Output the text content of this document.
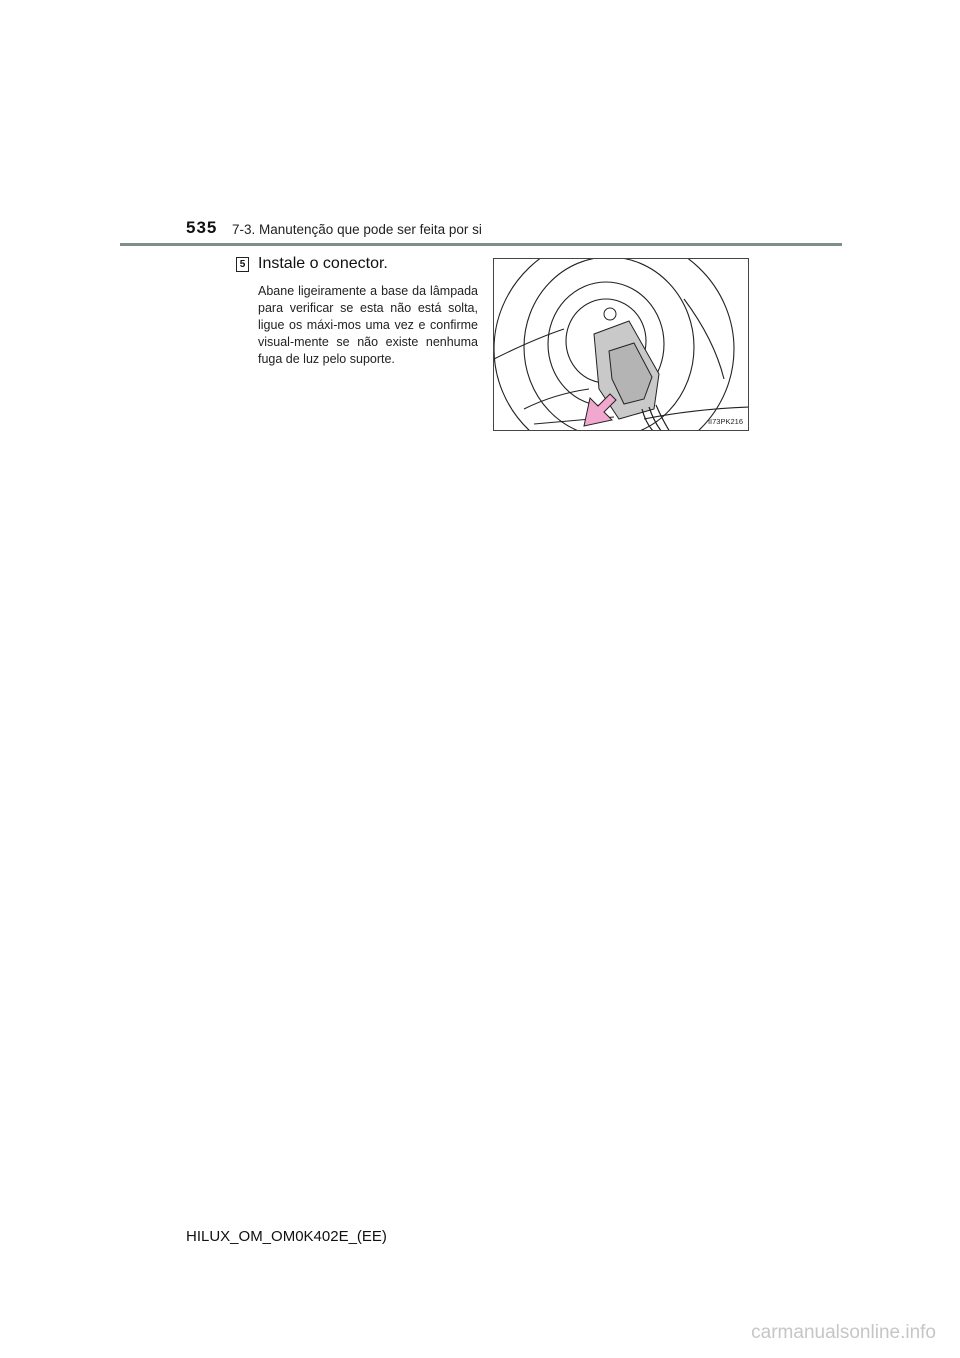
535 7-3. Manutenção que pode ser feita por si
5 Instale o conector.
Abane ligeiramente a base da lâmpada para verificar se esta não está solta, ligue os máxi-mos uma vez e confirme visual-mente se não existe nenhuma fuga de luz pelo suporte.
II73PK216
HILUX_OM_OM0K402E_(EE)
carmanualsonline.info
